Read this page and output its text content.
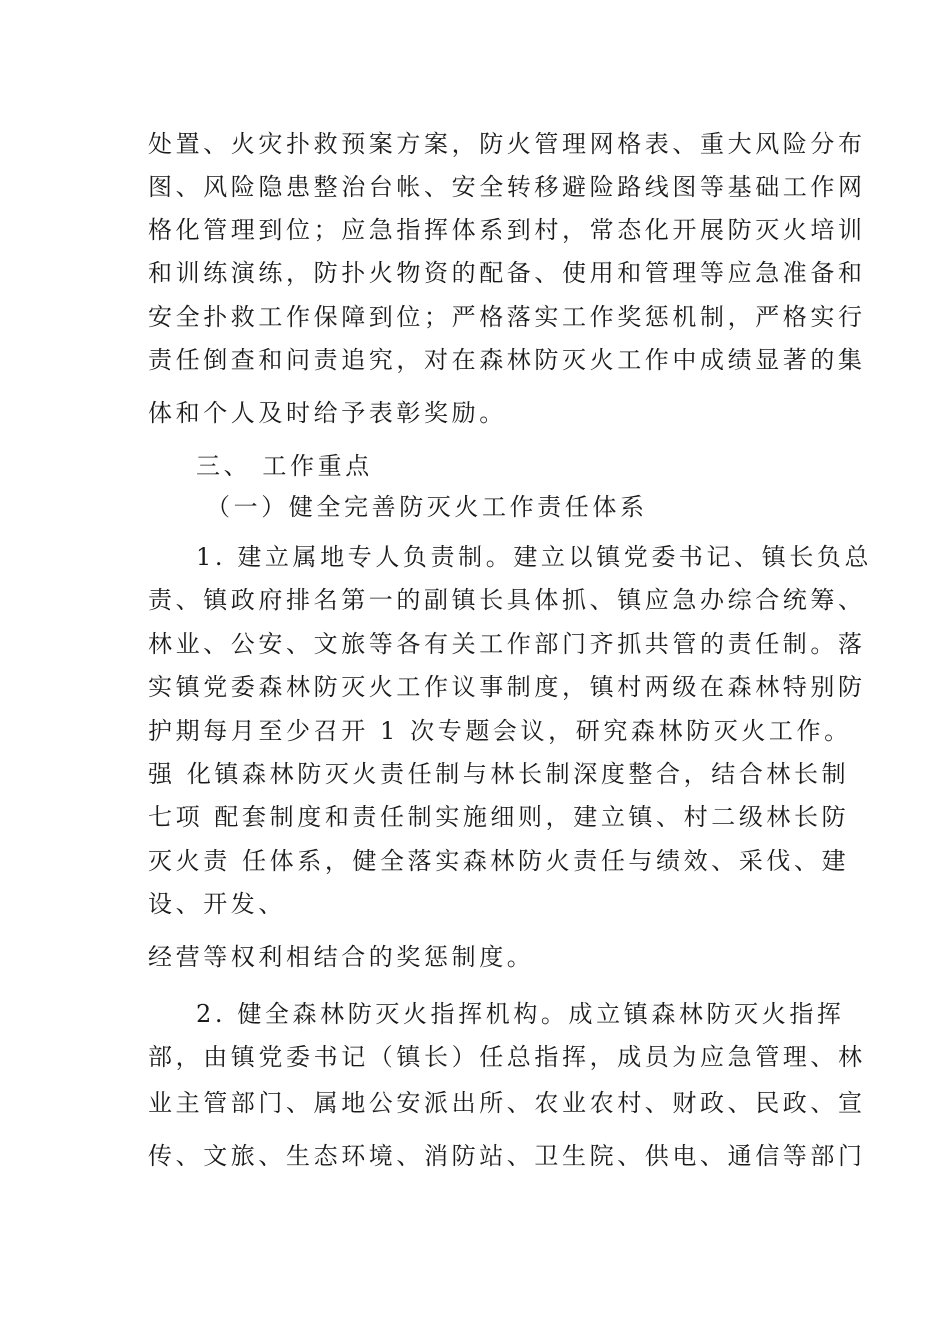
处置、火灾扑救预案方案，防火管理网格表、重大风险分布
图、风险隐患整治台帐、安全转移避险路线图等基础工作网
格化管理到位；应急指挥体系到村，常态化开展防灭火培训
和训练演练，防扑火物资的配备、使用和管理等应急准备和
安全扑救工作保障到位；严格落实工作奖惩机制，严格实行
责任倒查和问责追究，对在森林防灭火工作中成绩显著的集
体和个人及时给予表彰奖励。
三、 工作重点
（一）健全完善防灭火工作责任体系
1. 建立属地专人负责制。建立以镇党委书记、镇长负总
责、镇政府排名第一的副镇长具体抓、镇应急办综合统筹、
林业、公安、文旅等各有关工作部门齐抓共管的责任制。落
实镇党委森林防灭火工作议事制度，镇村两级在森林特别防
护期每月至少召开 1 次专题会议，研究森林防灭火工作。
强 化镇森林防灭火责任制与林长制深度整合，结合林长制
七项 配套制度和责任制实施细则，建立镇、村二级林长防
灭火责 任体系，健全落实森林防火责任与绩效、采伐、建
设、开发、
经营等权利相结合的奖惩制度。
2. 健全森林防灭火指挥机构。成立镇森林防灭火指挥
部，由镇党委书记（镇长）任总指挥，成员为应急管理、林
业主管部门、属地公安派出所、农业农村、财政、民政、宣
传、文旅、生态环境、消防站、卫生院、供电、通信等部门
